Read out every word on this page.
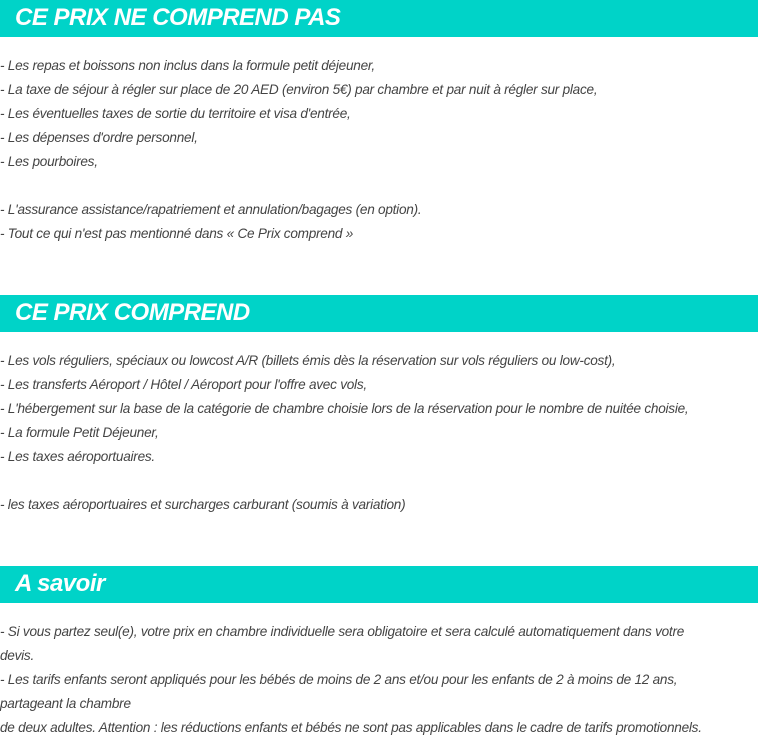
CE PRIX NE COMPREND PAS
- Les repas et boissons non inclus dans la formule petit déjeuner,
- La taxe de séjour à régler sur place de 20 AED (environ 5€) par chambre et par nuit à régler sur place,
- Les éventuelles taxes de sortie du territoire et visa d'entrée,
- Les dépenses d'ordre personnel,
- Les pourboires,
- L'assurance assistance/rapatriement et annulation/bagages (en option).
- Tout ce qui n'est pas mentionné dans « Ce Prix comprend »
CE PRIX COMPREND
- Les vols réguliers, spéciaux ou lowcost A/R (billets émis dès la réservation sur vols réguliers ou low-cost),
- Les transferts Aéroport / Hôtel / Aéroport pour l'offre avec vols,
- L'hébergement sur la base de la catégorie de chambre choisie lors de la réservation pour le nombre de nuitée choisie,
- La formule Petit Déjeuner,
- Les taxes aéroportuaires.
- les taxes aéroportuaires et surcharges carburant (soumis à variation)
A savoir
- Si vous partez seul(e), votre prix en chambre individuelle sera obligatoire et sera calculé automatiquement dans votre
devis.
- Les tarifs enfants seront appliqués pour les bébés de moins de 2 ans et/ou pour les enfants de 2 à moins de 12 ans,
partageant la chambre
de deux adultes. Attention : les réductions enfants et bébés ne sont pas applicables dans le cadre de tarifs promotionnels.
